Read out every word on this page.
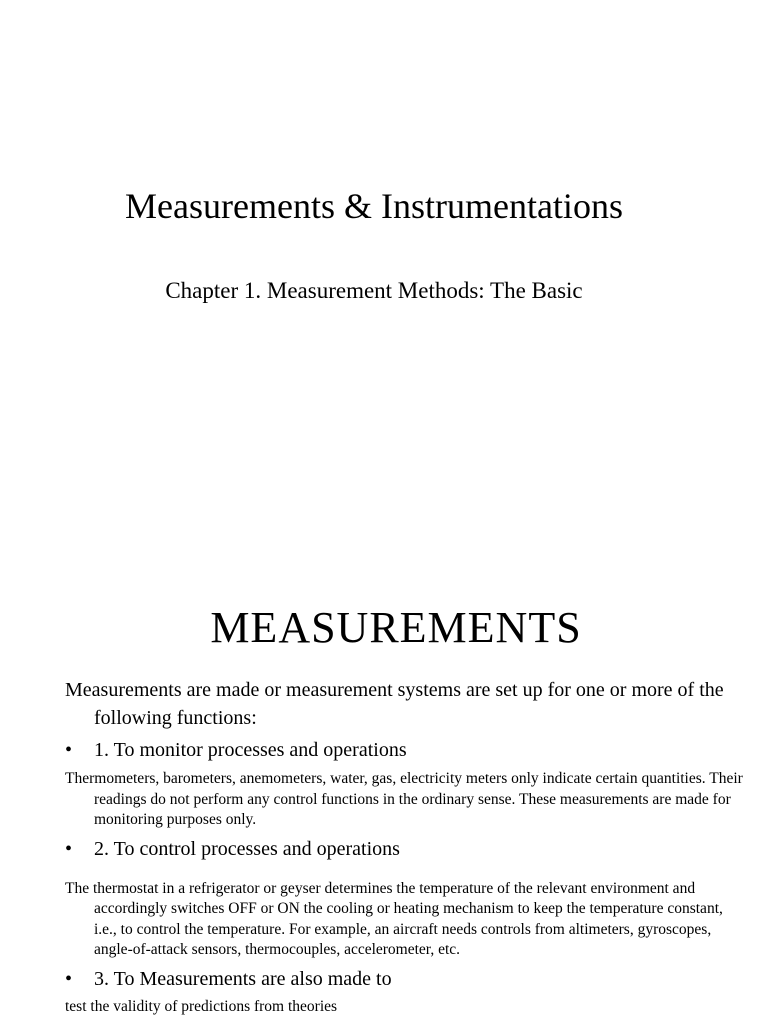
Measurements & Instrumentations
Chapter 1. Measurement Methods: The Basic
MEASUREMENTS
Measurements are made or measurement systems are set up for one or more of the following functions:
• 1. To monitor processes and operations
Thermometers, barometers, anemometers, water, gas, electricity meters only indicate certain quantities. Their readings do not perform any control functions in the ordinary sense. These measurements are made for monitoring purposes only.
• 2. To control processes and operations
The thermostat in a refrigerator or geyser determines the temperature of the relevant environment and accordingly switches OFF or ON the cooling or heating mechanism to keep the temperature constant, i.e., to control the temperature. For example, an aircraft needs controls from altimeters, gyroscopes, angle-of-attack sensors, thermocouples, accelerometer, etc.
• 3. To Measurements are also made to
test the validity of predictions from theories
